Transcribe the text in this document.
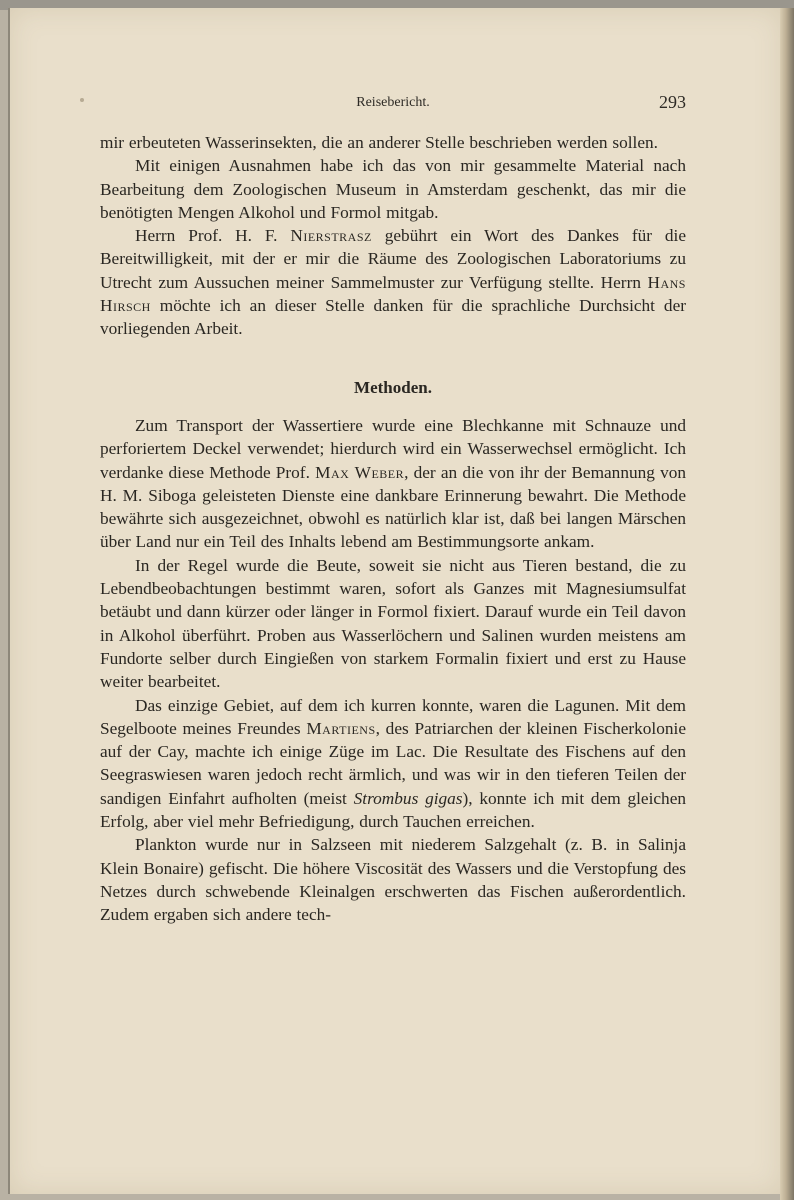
Reisebericht.	293

mir erbeuteten Wasserinsekten, die an anderer Stelle beschrieben werden sollen.

Mit einigen Ausnahmen habe ich das von mir gesammelte Material nach Bearbeitung dem Zoologischen Museum in Amsterdam geschenkt, das mir die benötigten Mengen Alkohol und Formol mitgab.

Herrn Prof. H. F. Nierstrasz gebührt ein Wort des Dankes für die Bereitwilligkeit, mit der er mir die Räume des Zoologischen Laboratoriums zu Utrecht zum Aussuchen meiner Sammelmuster zur Verfügung stellte. Herrn Hans Hirsch möchte ich an dieser Stelle danken für die sprachliche Durchsicht der vorliegenden Arbeit.

Methoden.

Zum Transport der Wassertiere wurde eine Blechkanne mit Schnauze und perforiertem Deckel verwendet; hierdurch wird ein Wasserwechsel ermöglicht. Ich verdanke diese Methode Prof. Max Weber, der an die von ihr der Bemannung von H. M. Siboga geleisteten Dienste eine dankbare Erinnerung bewahrt. Die Methode bewährte sich ausgezeichnet, obwohl es natürlich klar ist, daß bei langen Märschen über Land nur ein Teil des Inhalts lebend am Bestimmungsorte ankam.

In der Regel wurde die Beute, soweit sie nicht aus Tieren bestand, die zu Lebendbeobachtungen bestimmt waren, sofort als Ganzes mit Magnesiumsulfat betäubt und dann kürzer oder länger in Formol fixiert. Darauf wurde ein Teil davon in Alkohol überführt. Proben aus Wasserlöchern und Salinen wurden meistens am Fundorte selber durch Eingießen von starkem Formalin fixiert und erst zu Hause weiter bearbeitet.

Das einzige Gebiet, auf dem ich kurren konnte, waren die Lagunen. Mit dem Segelboote meines Freundes Martiens, des Patriarchen der kleinen Fischerkolonie auf der Cay, machte ich einige Züge im Lac. Die Resultate des Fischens auf den Seegraswiesen waren jedoch recht ärmlich, und was wir in den tieferen Teilen der sandigen Einfahrt aufholten (meist Strombus gigas), konnte ich mit dem gleichen Erfolg, aber viel mehr Befriedigung, durch Tauchen erreichen.

Plankton wurde nur in Salzseen mit niederem Salzgehalt (z. B. in Salinja Klein Bonaire) gefischt. Die höhere Viscosität des Wassers und die Verstopfung des Netzes durch schwebende Kleinalgen erschwerten das Fischen außerordentlich. Zudem ergaben sich andere tech-
